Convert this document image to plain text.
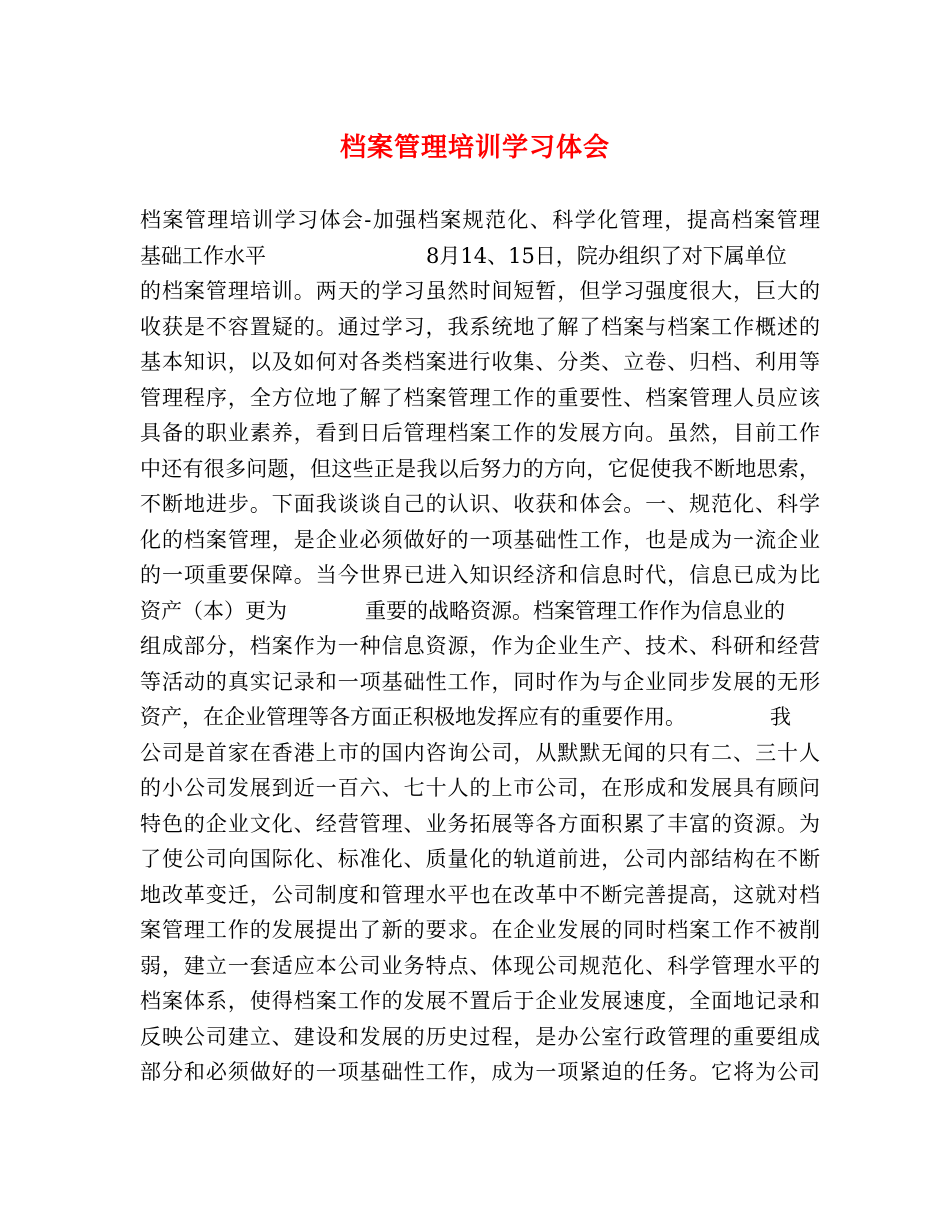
档案管理培训学习体会
档案管理培训学习体会-加强档案规范化、科学化管理，提高档案管理
基础工作水平	8月14、15日，院办组织了对下属单位
的档案管理培训。两天的学习虽然时间短暂，但学习强度很大，巨大的
收获是不容置疑的。通过学习，我系统地了解了档案与档案工作概述的
基本知识，以及如何对各类档案进行收集、分类、立卷、归档、利用等
管理程序，全方位地了解了档案管理工作的重要性、档案管理人员应该
具备的职业素养，看到日后管理档案工作的发展方向。虽然，目前工作
中还有很多问题，但这些正是我以后努力的方向，它促使我不断地思索，
不断地进步。下面我谈谈自己的认识、收获和体会。一、规范化、科学
化的档案管理，是企业必须做好的一项基础性工作，也是成为一流企业
的一项重要保障。当今世界已进入知识经济和信息时代，信息已成为比
资产（本）更为	重要的战略资源。档案管理工作作为信息业的
组成部分，档案作为一种信息资源，作为企业生产、技术、科研和经营
等活动的真实记录和一项基础性工作，同时作为与企业同步发展的无形
资产，在企业管理等各方面正积极地发挥应有的重要作用。	我
公司是首家在香港上市的国内咨询公司，从默默无闻的只有二、三十人
的小公司发展到近一百六、七十人的上市公司，在形成和发展具有顾问
特色的企业文化、经营管理、业务拓展等各方面积累了丰富的资源。为
了使公司向国际化、标准化、质量化的轨道前进，公司内部结构在不断
地改革变迁，公司制度和管理水平也在改革中不断完善提高，这就对档
案管理工作的发展提出了新的要求。在企业发展的同时档案工作不被削
弱，建立一套适应本公司业务特点、体现公司规范化、科学管理水平的
档案体系，使得档案工作的发展不置后于企业发展速度，全面地记录和
反映公司建立、建设和发展的历史过程，是办公室行政管理的重要组成
部分和必须做好的一项基础性工作，成为一项紧迫的任务。它将为公司
